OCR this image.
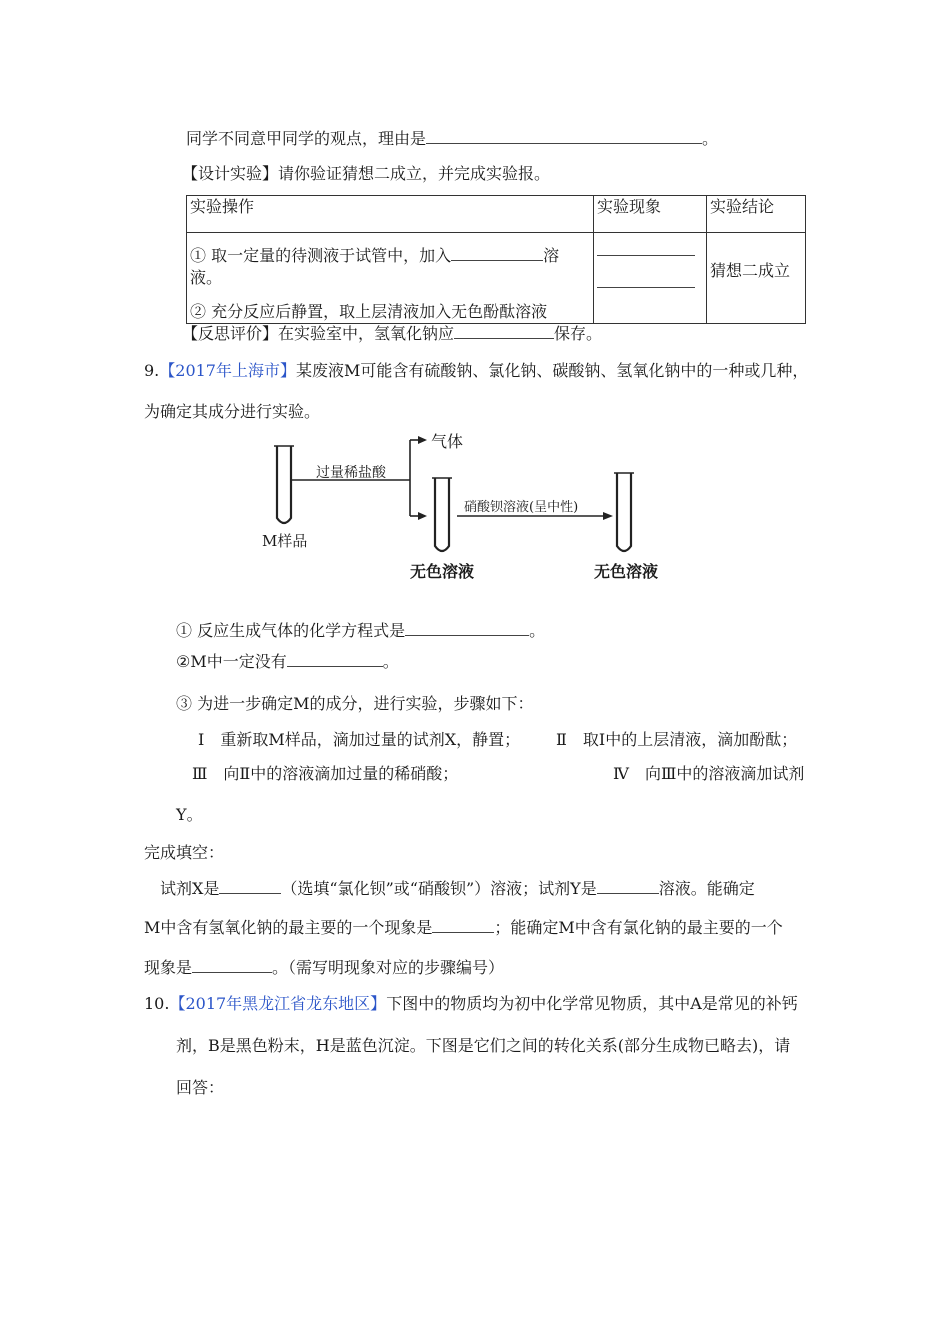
同学不同意甲同学的观点，理由是	。
【设计实验】请你验证猜想二成立，并完成实验报。
实验操作	实验现象	实验结论

① 取一定量的待测液于试管中，加入 溶液。
② 充分反应后静置，取上层清液加入无色酚酞溶液		猜想二成立
【反思评价】在实验室中，氢氧化钠应	保存。
9.【2017年上海市】某废液M可能含有硫酸钠、氯化钠、碳酸钠、氢氧化钠中的一种或几种，
为确定其成分进行实验。
气体
过量稀盐酸
硝酸钡溶液(呈中性)
M样品
无色溶液	无色溶液
① 反应生成气体的化学方程式是	。
②M中一定没有	。
③ 为进一步确定M的成分，进行实验，步骤如下：
Ⅰ　重新取M样品，滴加过量的试剂X，静置； Ⅱ　取Ⅰ中的上层清液，滴加酚酞；
Ⅲ　向Ⅱ中的溶液滴加过量的稀硝酸；	Ⅳ　向Ⅲ中的溶液滴加试剂
Y。
完成填空：
试剂X是	（选填“氯化钡”或“硝酸钡”）溶液；试剂Y是	溶液。能确定
M中含有氢氧化钠的最主要的一个现象是	；能确定M中含有氯化钠的最主要的一个
现象是	。（需写明现象对应的步骤编号）
10.【2017年黑龙江省龙东地区】下图中的物质均为初中化学常见物质，其中A是常见的补钙
剂，B是黑色粉末，H是蓝色沉淀。下图是它们之间的转化关系(部分生成物已略去)，请
回答：
